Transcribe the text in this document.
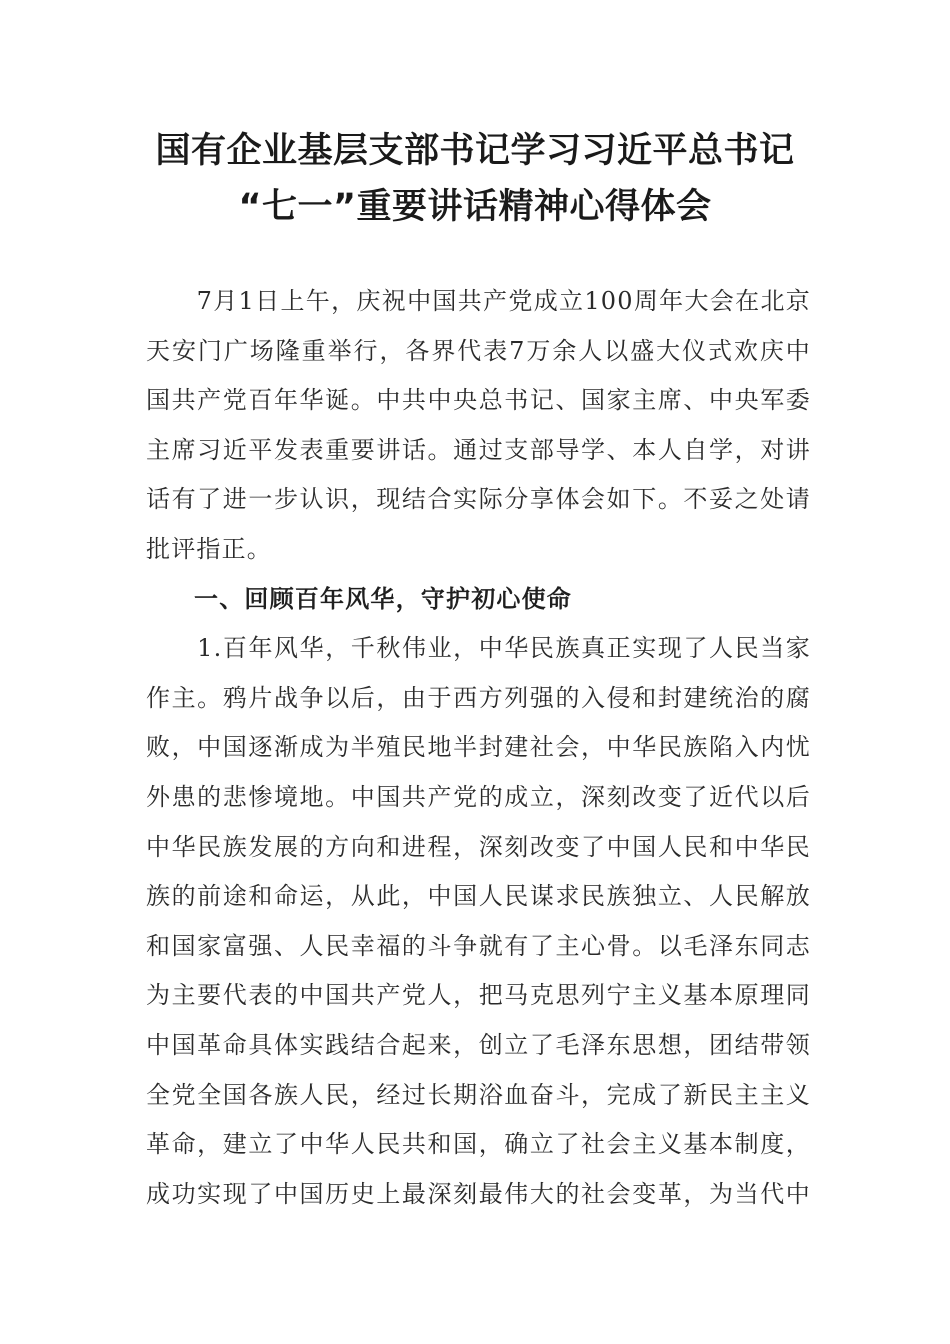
国有企业基层支部书记学习习近平总书记
“七一”重要讲话精神心得体会
　　7月1日上午，庆祝中国共产党成立100周年大会在北京
天安门广场隆重举行，各界代表7万余人以盛大仪式欢庆中
国共产党百年华诞。中共中央总书记、国家主席、中央军委
主席习近平发表重要讲话。通过支部导学、本人自学，对讲
话有了进一步认识，现结合实际分享体会如下。不妥之处请
批评指正。
一、回顾百年风华，守护初心使命
　　1.百年风华，千秋伟业，中华民族真正实现了人民当家
作主。鸦片战争以后，由于西方列强的入侵和封建统治的腐
败，中国逐渐成为半殖民地半封建社会，中华民族陷入内忧
外患的悲惨境地。中国共产党的成立，深刻改变了近代以后
中华民族发展的方向和进程，深刻改变了中国人民和中华民
族的前途和命运，从此，中国人民谋求民族独立、人民解放
和国家富强、人民幸福的斗争就有了主心骨。以毛泽东同志
为主要代表的中国共产党人，把马克思列宁主义基本原理同
中国革命具体实践结合起来，创立了毛泽东思想，团结带领
全党全国各族人民，经过长期浴血奋斗，完成了新民主主义
革命，建立了中华人民共和国，确立了社会主义基本制度，
成功实现了中国历史上最深刻最伟大的社会变革，为当代中
